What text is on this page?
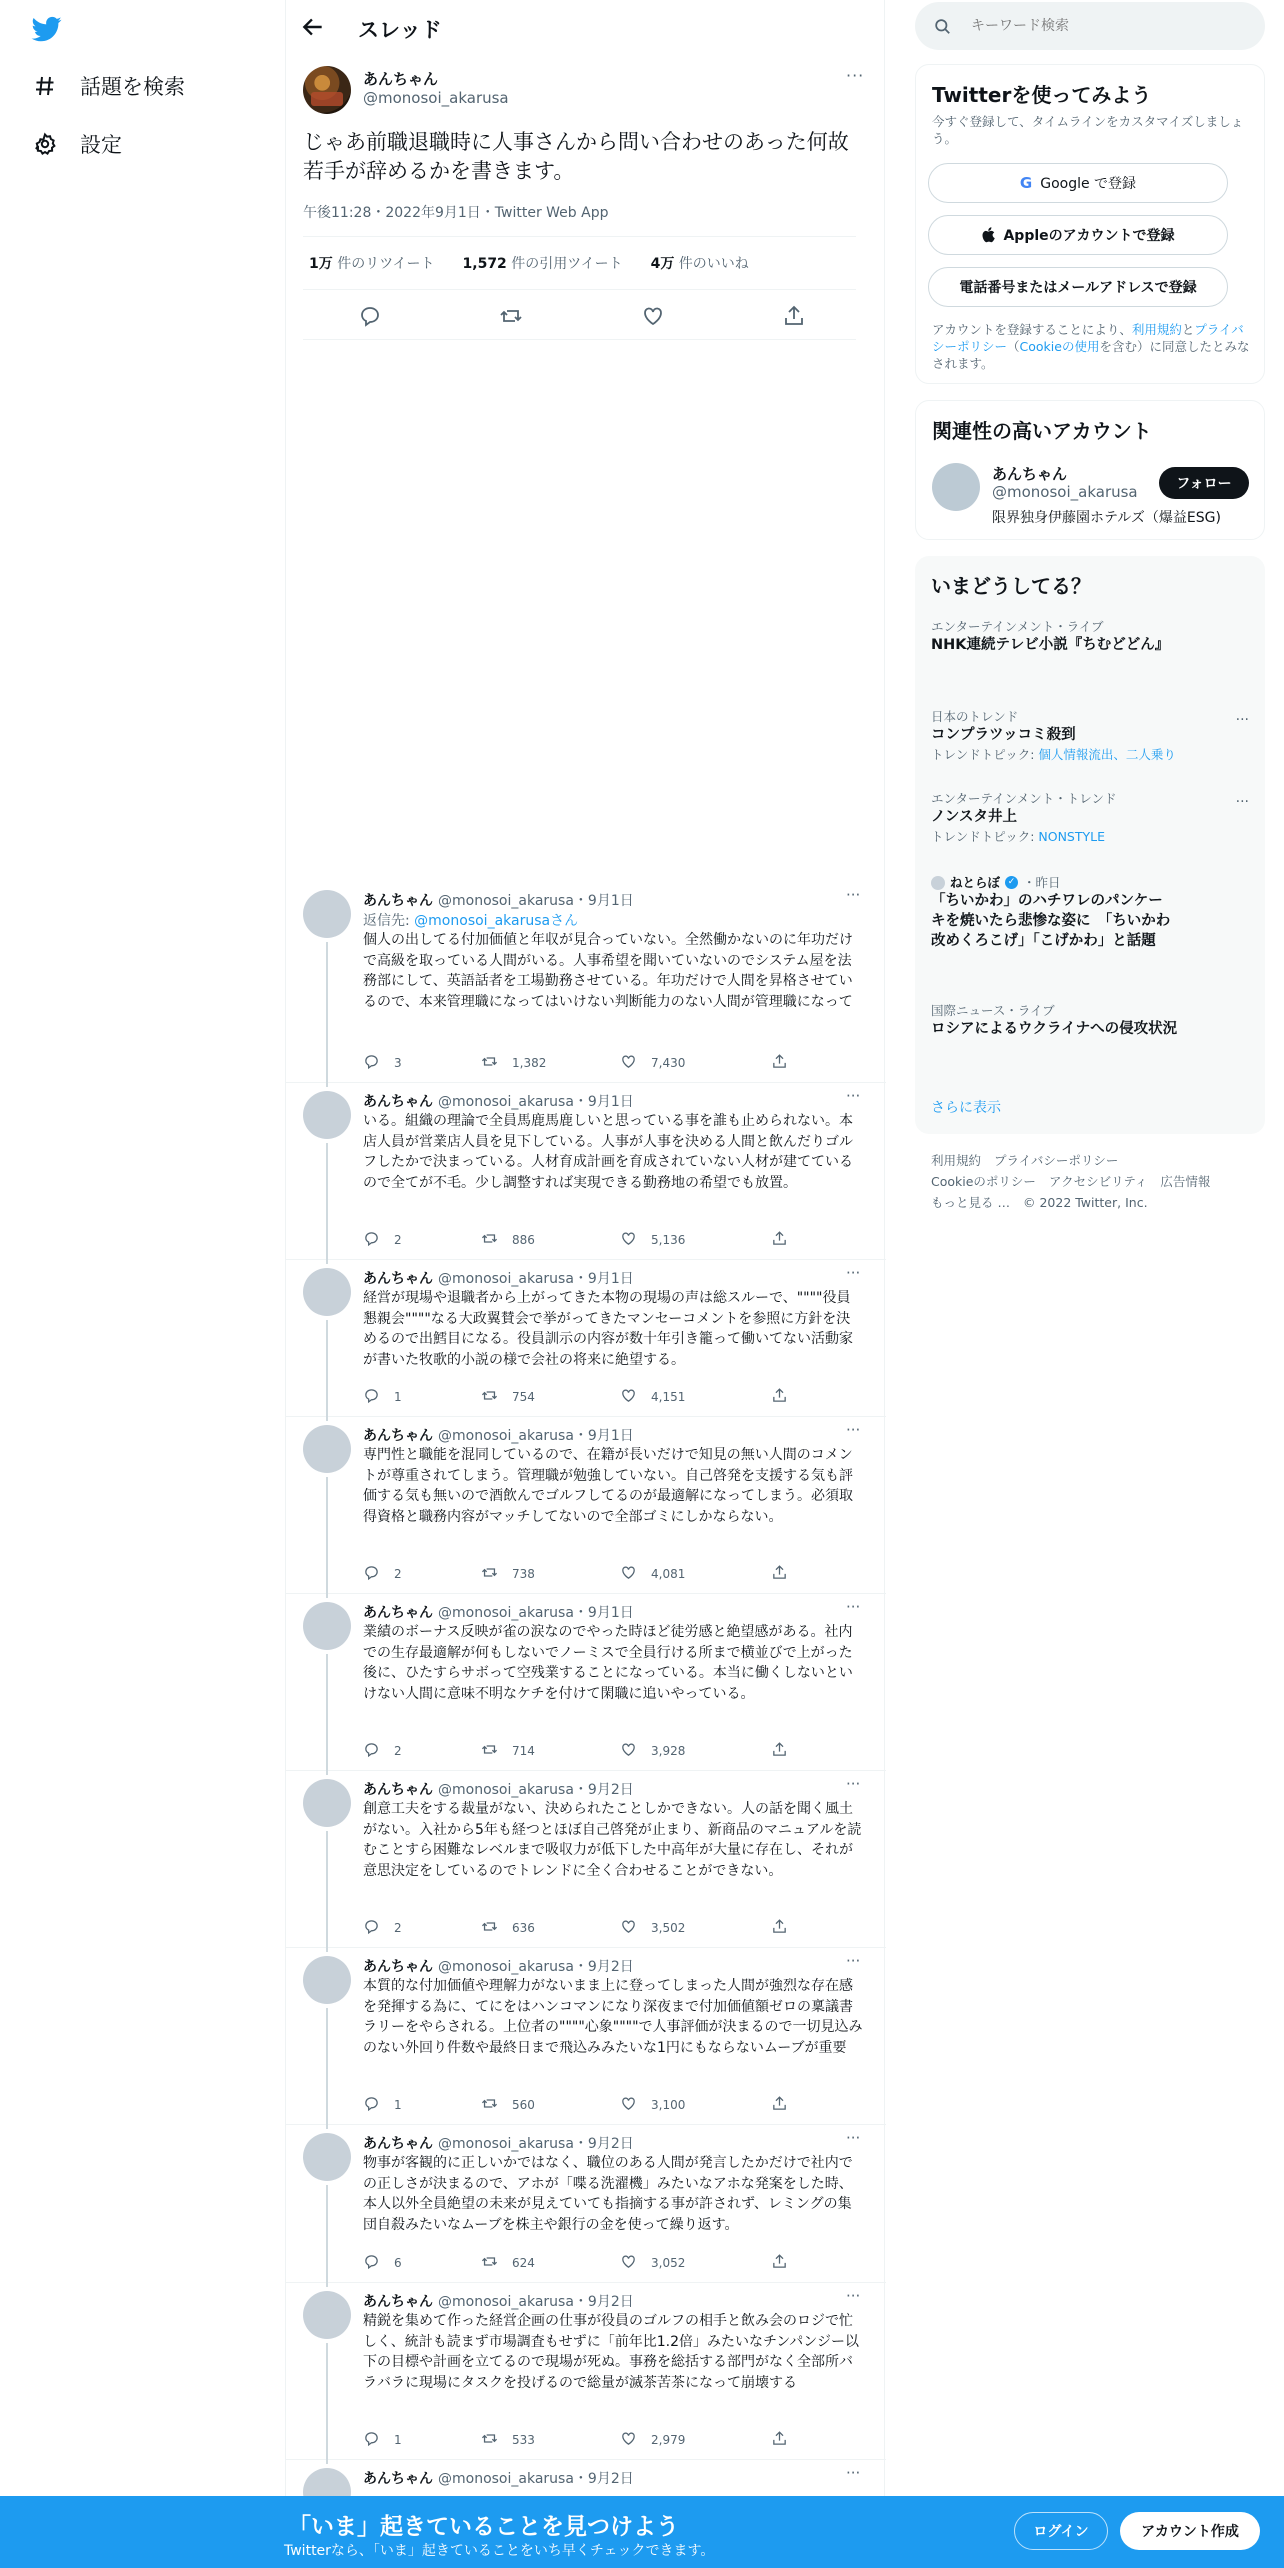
話題を検索
設定
スレッド
あんちゃん
@monosoi_akarusa
···
じゃあ前職退職時に人事さんから問い合わせのあった何故若手が辞めるかを書きます。
午後11:28・2022年9月1日・Twitter Web App
1万 件のリツイート 1,572 件の引用ツイート 4万 件のいいね
あんちゃん @monosoi_akarusa・9月1日	···
返信先: @monosoi_akarusaさん
個人の出してる付加価値と年収が見合っていない。全然働かないのに年功だけで高級を取っている人間がいる。人事希望を聞いていないのでシステム屋を法務部にして、英語話者を工場勤務させている。年功だけで人間を昇格させているので、本来管理職になってはいけない判断能力のない人間が管理職になって
3	1,382	7,430
あんちゃん @monosoi_akarusa・9月1日	···
いる。組織の理論で全員馬鹿馬鹿しいと思っている事を誰も止められない。本店人員が営業店人員を見下している。人事が人事を決める人間と飲んだりゴルフしたかで決まっている。人材育成計画を育成されていない人材が建てているので全てが不毛。少し調整すれば実現できる勤務地の希望でも放置。
2	886	5,136
あんちゃん @monosoi_akarusa・9月1日	···
経営が現場や退職者から上がってきた本物の現場の声は総スルーで、""""役員懇親会""""なる大政翼賛会で挙がってきたマンセーコメントを参照に方針を決めるので出鱈目になる。役員訓示の内容が数十年引き籠って働いてない活動家が書いた牧歌的小説の様で会社の将来に絶望する。
1	754	4,151
あんちゃん @monosoi_akarusa・9月1日	···
専門性と職能を混同しているので、在籍が長いだけで知見の無い人間のコメントが尊重されてしまう。管理職が勉強していない。自己啓発を支援する気も評価する気も無いので酒飲んでゴルフしてるのが最適解になってしまう。必須取得資格と職務内容がマッチしてないので全部ゴミにしかならない。
2	738	4,081
あんちゃん @monosoi_akarusa・9月1日	···
業績のボーナス反映が雀の涙なのでやった時ほど徒労感と絶望感がある。社内での生存最適解が何もしないでノーミスで全員行ける所まで横並びで上がった後に、ひたすらサボって空残業することになっている。本当に働くしないといけない人間に意味不明なケチを付けて閑職に追いやっている。
2	714	3,928
あんちゃん @monosoi_akarusa・9月2日	···
創意工夫をする裁量がない、決められたことしかできない。人の話を聞く風土がない。入社から5年も経つとほぼ自己啓発が止まり、新商品のマニュアルを読むことすら困難なレベルまで吸収力が低下した中高年が大量に存在し、それが意思決定をしているのでトレンドに全く合わせることができない。
2	636	3,502
あんちゃん @monosoi_akarusa・9月2日	···
本質的な付加価値や理解力がないまま上に登ってしまった人間が強烈な存在感を発揮する為に、てにをはハンコマンになり深夜まで付加価値額ゼロの稟議書ラリーをやらされる。上位者の""""心象""""で人事評価が決まるので一切見込みのない外回り件数や最終日まで飛込みみたいな1円にもならないムーブが重要
1	560	3,100
あんちゃん @monosoi_akarusa・9月2日	···
物事が客観的に正しいかではなく、職位のある人間が発言したかだけで社内での正しさが決まるので、アホが「喋る洗濯機」みたいなアホな発案をした時、本人以外全員絶望の未来が見えていても指摘する事が許されず、レミングの集団自殺みたいなムーブを株主や銀行の金を使って繰り返す。
6	624	3,052
あんちゃん @monosoi_akarusa・9月2日	···
精鋭を集めて作った経営企画の仕事が役員のゴルフの相手と飲み会のロジで忙しく、統計も読まず市場調査もせずに「前年比1.2倍」みたいなチンパンジー以下の目標や計画を立てるので現場が死ぬ。事務を総括する部門がなく全部所バラバラに現場にタスクを投げるので総量が滅茶苦茶になって崩壊する
1	533	2,979
あんちゃん @monosoi_akarusa・9月2日	···
キーワード検索
Twitterを使ってみよう
今すぐ登録して、タイムラインをカスタマイズしましょう。
G Google で登録
Appleのアカウントで登録
電話番号またはメールアドレスで登録
アカウントを登録することにより、利用規約とプライバシーポリシー（Cookieの使用を含む）に同意したとみなされます。
関連性の高いアカウント
あんちゃん
@monosoi_akarusa
限界独身伊藤園ホテルズ（爆益ESG)
フォロー
いまどうしてる？
エンターテインメント・ライブ
NHK連続テレビ小説『ちむどどん』
日本のトレンド
コンプラツッコミ殺到
トレンドトピック: 個人情報流出、二人乗り
···
エンターテインメント・トレンド
ノンスタ井上
トレンドトピック: NONSTYLE
···
ねとらぼ ✓ ・昨日
「ちいかわ」のハチワレのパンケーキを焼いたら悲惨な姿に　「ちいかわ改めくろこげ」「こげかわ」と話題
国際ニュース・ライブ
ロシアによるウクライナへの侵攻状況
さらに表示
利用規約 プライバシーポリシー
Cookieのポリシー アクセシビリティ 広告情報
もっと見る … © 2022 Twitter, Inc.
「いま」起きていることを見つけよう
Twitterなら、「いま」起きていることをいち早くチェックできます。
ログイン	アカウント作成
